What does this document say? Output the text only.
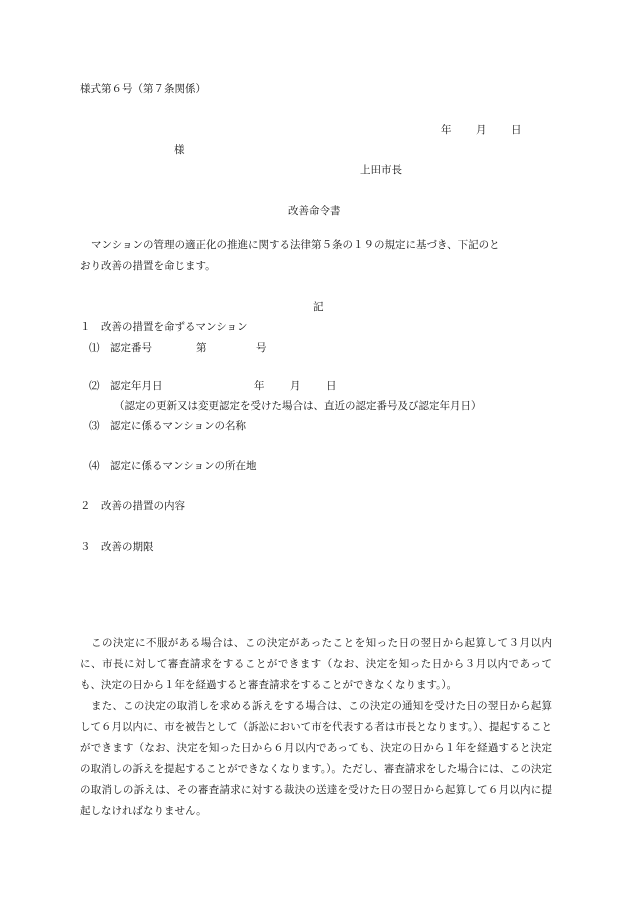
様式第６号（第７条関係）
年 月 日
様
上田市長
改善命令書
マンションの管理の適正化の推進に関する法律第５条の１９の規定に基づき、下記のと
おり改善の措置を命じます。
記
１　改善の措置を命ずるマンション
⑴　認定番号	第	号
⑵　認定年月日	年 月 日
（認定の更新又は変更認定を受けた場合は、直近の認定番号及び認定年月日）
⑶　認定に係るマンションの名称
⑷　認定に係るマンションの所在地
２　改善の措置の内容
３　改善の期限

この決定に不服がある場合は、この決定があったことを知った日の翌日から起算して３月以内に、市長に対して審査請求をすることができます（なお、決定を知った日から３月以内であっても、決定の日から１年を経過すると審査請求をすることができなくなります。）。

また、この決定の取消しを求める訴えをする場合は、この決定の通知を受けた日の翌日から起算して６月以内に、市を被告として（訴訟において市を代表する者は市長となります。）、提起することができます（なお、決定を知った日から６月以内であっても、決定の日から１年を経過すると決定の取消しの訴えを提起することができなくなります。）。ただし、審査請求をした場合には、この決定の取消しの訴えは、その審査請求に対する裁決の送達を受けた日の翌日から起算して６月以内に提起しなければなりません。
